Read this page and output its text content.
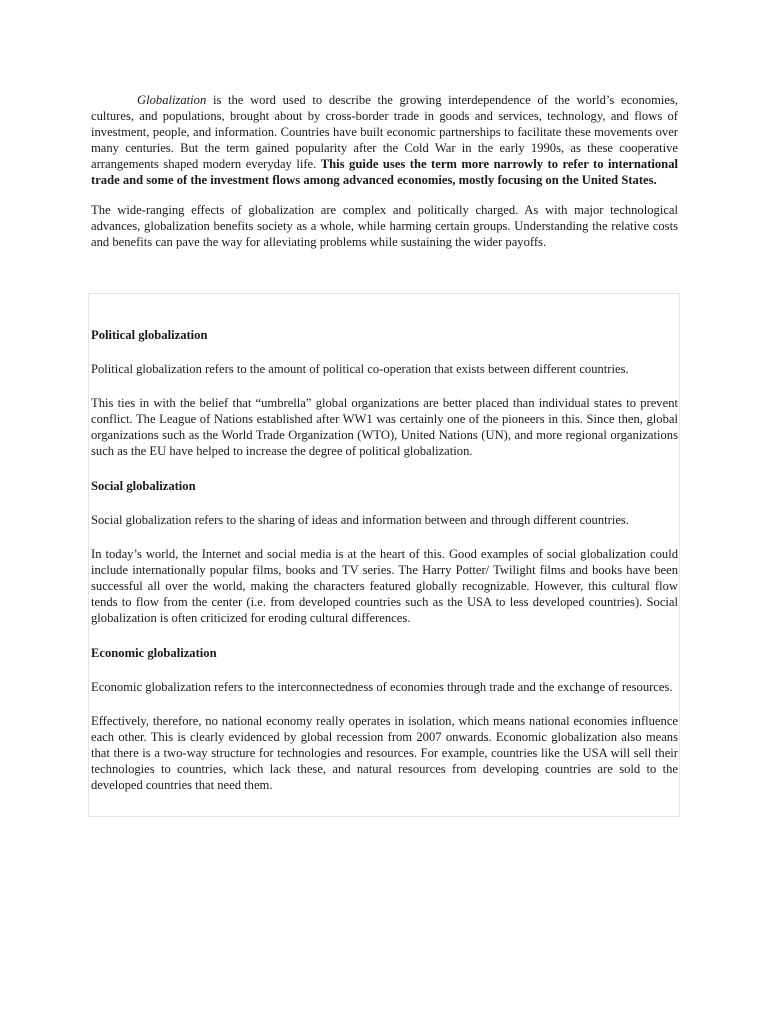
Globalization is the word used to describe the growing interdependence of the world’s economies, cultures, and populations, brought about by cross-border trade in goods and services, technology, and flows of investment, people, and information. Countries have built economic partnerships to facilitate these movements over many centuries. But the term gained popularity after the Cold War in the early 1990s, as these cooperative arrangements shaped modern everyday life. This guide uses the term more narrowly to refer to international trade and some of the investment flows among advanced economies, mostly focusing on the United States.

The wide-ranging effects of globalization are complex and politically charged. As with major technological advances, globalization benefits society as a whole, while harming certain groups. Understanding the relative costs and benefits can pave the way for alleviating problems while sustaining the wider payoffs.

Political globalization

Political globalization refers to the amount of political co-operation that exists between different countries.

This ties in with the belief that “umbrella” global organizations are better placed than individual states to prevent conflict. The League of Nations established after WW1 was certainly one of the pioneers in this. Since then, global organizations such as the World Trade Organization (WTO), United Nations (UN), and more regional organizations such as the EU have helped to increase the degree of political globalization.

Social globalization

Social globalization refers to the sharing of ideas and information between and through different countries.

In today’s world, the Internet and social media is at the heart of this. Good examples of social globalization could include internationally popular films, books and TV series. The Harry Potter/ Twilight films and books have been successful all over the world, making the characters featured globally recognizable. However, this cultural flow tends to flow from the center (i.e. from developed countries such as the USA to less developed countries). Social globalization is often criticized for eroding cultural differences.

Economic globalization

Economic globalization refers to the interconnectedness of economies through trade and the exchange of resources.

Effectively, therefore, no national economy really operates in isolation, which means national economies influence each other. This is clearly evidenced by global recession from 2007 onwards. Economic globalization also means that there is a two-way structure for technologies and resources. For example, countries like the USA will sell their technologies to countries, which lack these, and natural resources from developing countries are sold to the developed countries that need them.
